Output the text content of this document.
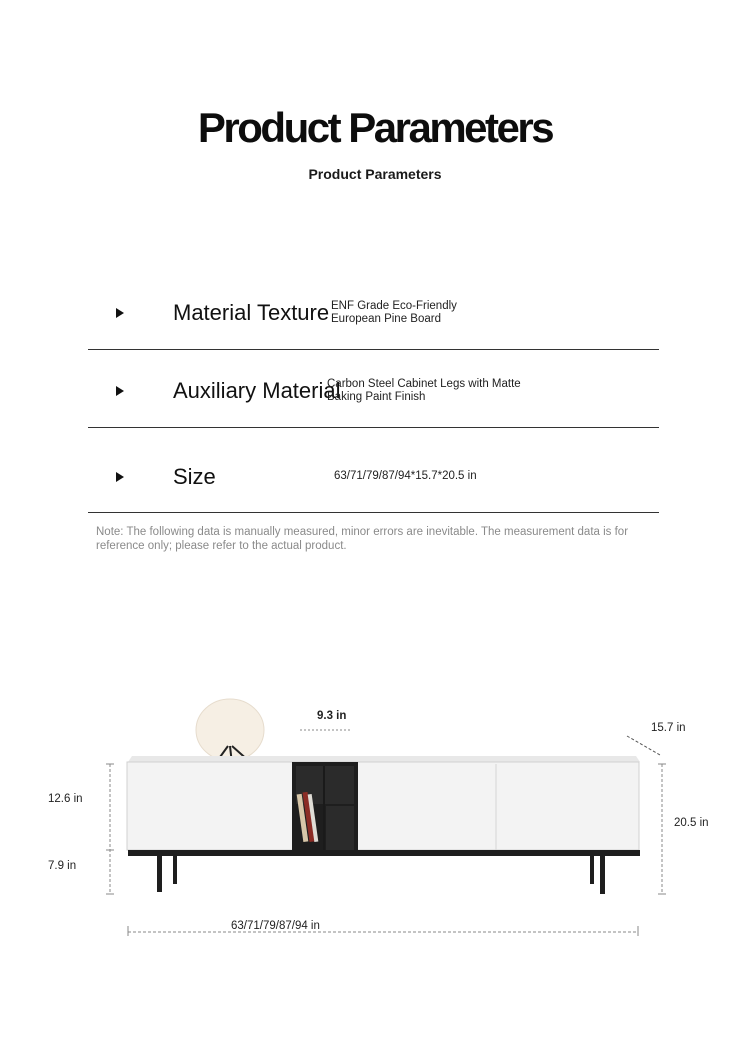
Product Parameters
Product Parameters
Material Texture ENF Grade Eco-Friendly European Pine Board
Auxiliary Material
Carbon Steel Cabinet Legs with Matte Baking Paint Finish
Size	63/71/79/87/94*15.7*20.5 in
Note: The following data is manually measured, minor errors are inevitable. The measurement data is for reference only; please refer to the actual product.
9.3 in
15.7 in
12.6 in
7.9 in
20.5 in
63/71/79/87/94 in
